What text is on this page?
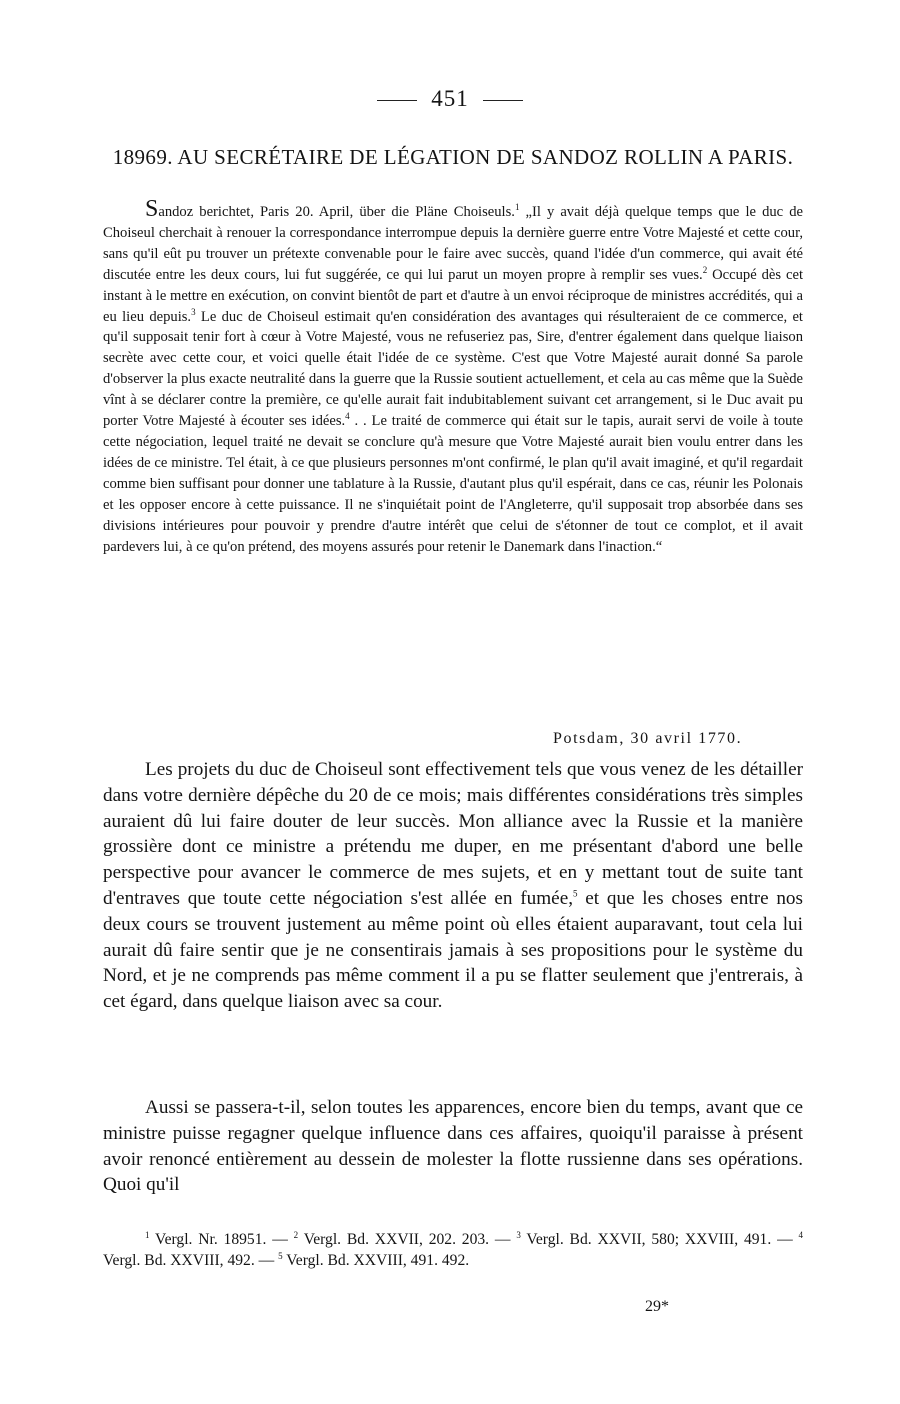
451
18969. AU SECRÉTAIRE DE LÉGATION DE SANDOZ ROLLIN A PARIS.
Sandoz berichtet, Paris 20. April, über die Pläne Choiseuls.$^1$ „Il y avait déjà quelque temps que le duc de Choiseul cherchait à renouer la correspondance interrompue depuis la dernière guerre entre Votre Majesté et cette cour, sans qu'il eût pu trouver un prétexte convenable pour le faire avec succès, quand l'idée d'un commerce, qui avait été discutée entre les deux cours, lui fut suggérée, ce qui lui parut un moyen propre à remplir ses vues.$^2$ Occupé dès cet instant à le mettre en exécution, on convint bientôt de part et d'autre à un envoi réciproque de ministres accrédités, qui a eu lieu depuis.$^3$ Le duc de Choiseul estimait qu'en considération des avantages qui résulteraient de ce commerce, et qu'il supposait tenir fort à cœur à Votre Majesté, vous ne refuseriez pas, Sire, d'entrer également dans quelque liaison secrète avec cette cour, et voici quelle était l'idée de ce système. C'est que Votre Majesté aurait donné Sa parole d'observer la plus exacte neutralité dans la guerre que la Russie soutient actuellement, et cela au cas même que la Suède vînt à se déclarer contre la première, ce qu'elle aurait fait indubitablement suivant cet arrangement, si le Duc avait pu porter Votre Majesté à écouter ses idées.$^4$ . . Le traité de commerce qui était sur le tapis, aurait servi de voile à toute cette négociation, lequel traité ne devait se conclure qu'à mesure que Votre Majesté aurait bien voulu entrer dans les idées de ce ministre. Tel était, à ce que plusieurs personnes m'ont confirmé, le plan qu'il avait imaginé, et qu'il regardait comme bien suffisant pour donner une tablature à la Russie, d'autant plus qu'il espérait, dans ce cas, réunir les Polonais et les opposer encore à cette puissance. Il ne s'inquiétait point de l'Angleterre, qu'il supposait trop absorbée dans ses divisions intérieures pour pouvoir y prendre d'autre intérêt que celui de s'étonner de tout ce complot, et il avait pardevers lui, à ce qu'on prétend, des moyens assurés pour retenir le Danemark dans l'inaction.“
Potsdam, 30 avril 1770.

Les projets du duc de Choiseul sont effectivement tels que vous venez de les détailler dans votre dernière dépêche du 20 de ce mois; mais différentes considérations très simples auraient dû lui faire douter de leur succès. Mon alliance avec la Russie et la manière grossière dont ce ministre a prétendu me duper, en me présentant d'abord une belle perspective pour avancer le commerce de mes sujets, et en y mettant tout de suite tant d'entraves que toute cette négociation s'est allée en fumée,$^5$ et que les choses entre nos deux cours se trouvent justement au même point où elles étaient auparavant, tout cela lui aurait dû faire sentir que je ne consentirais jamais à ses propositions pour le système du Nord, et je ne comprends pas même comment il a pu se flatter seulement que j'entrerais, à cet égard, dans quelque liaison avec sa cour.

Aussi se passera-t-il, selon toutes les apparences, encore bien du temps, avant que ce ministre puisse regagner quelque influence dans ces affaires, quoiqu'il paraisse à présent avoir renoncé entièrement au dessein de molester la flotte russienne dans ses opérations. Quoi qu'il

$^1$ Vergl. Nr. 18951. — $^2$ Vergl. Bd. XXVII, 202. 203. — $^3$ Vergl. Bd. XXVII, 580; XXVIII, 491. — $^4$ Vergl. Bd. XXVIII, 492. — $^5$ Vergl. Bd. XXVIII, 491. 492.
29*
